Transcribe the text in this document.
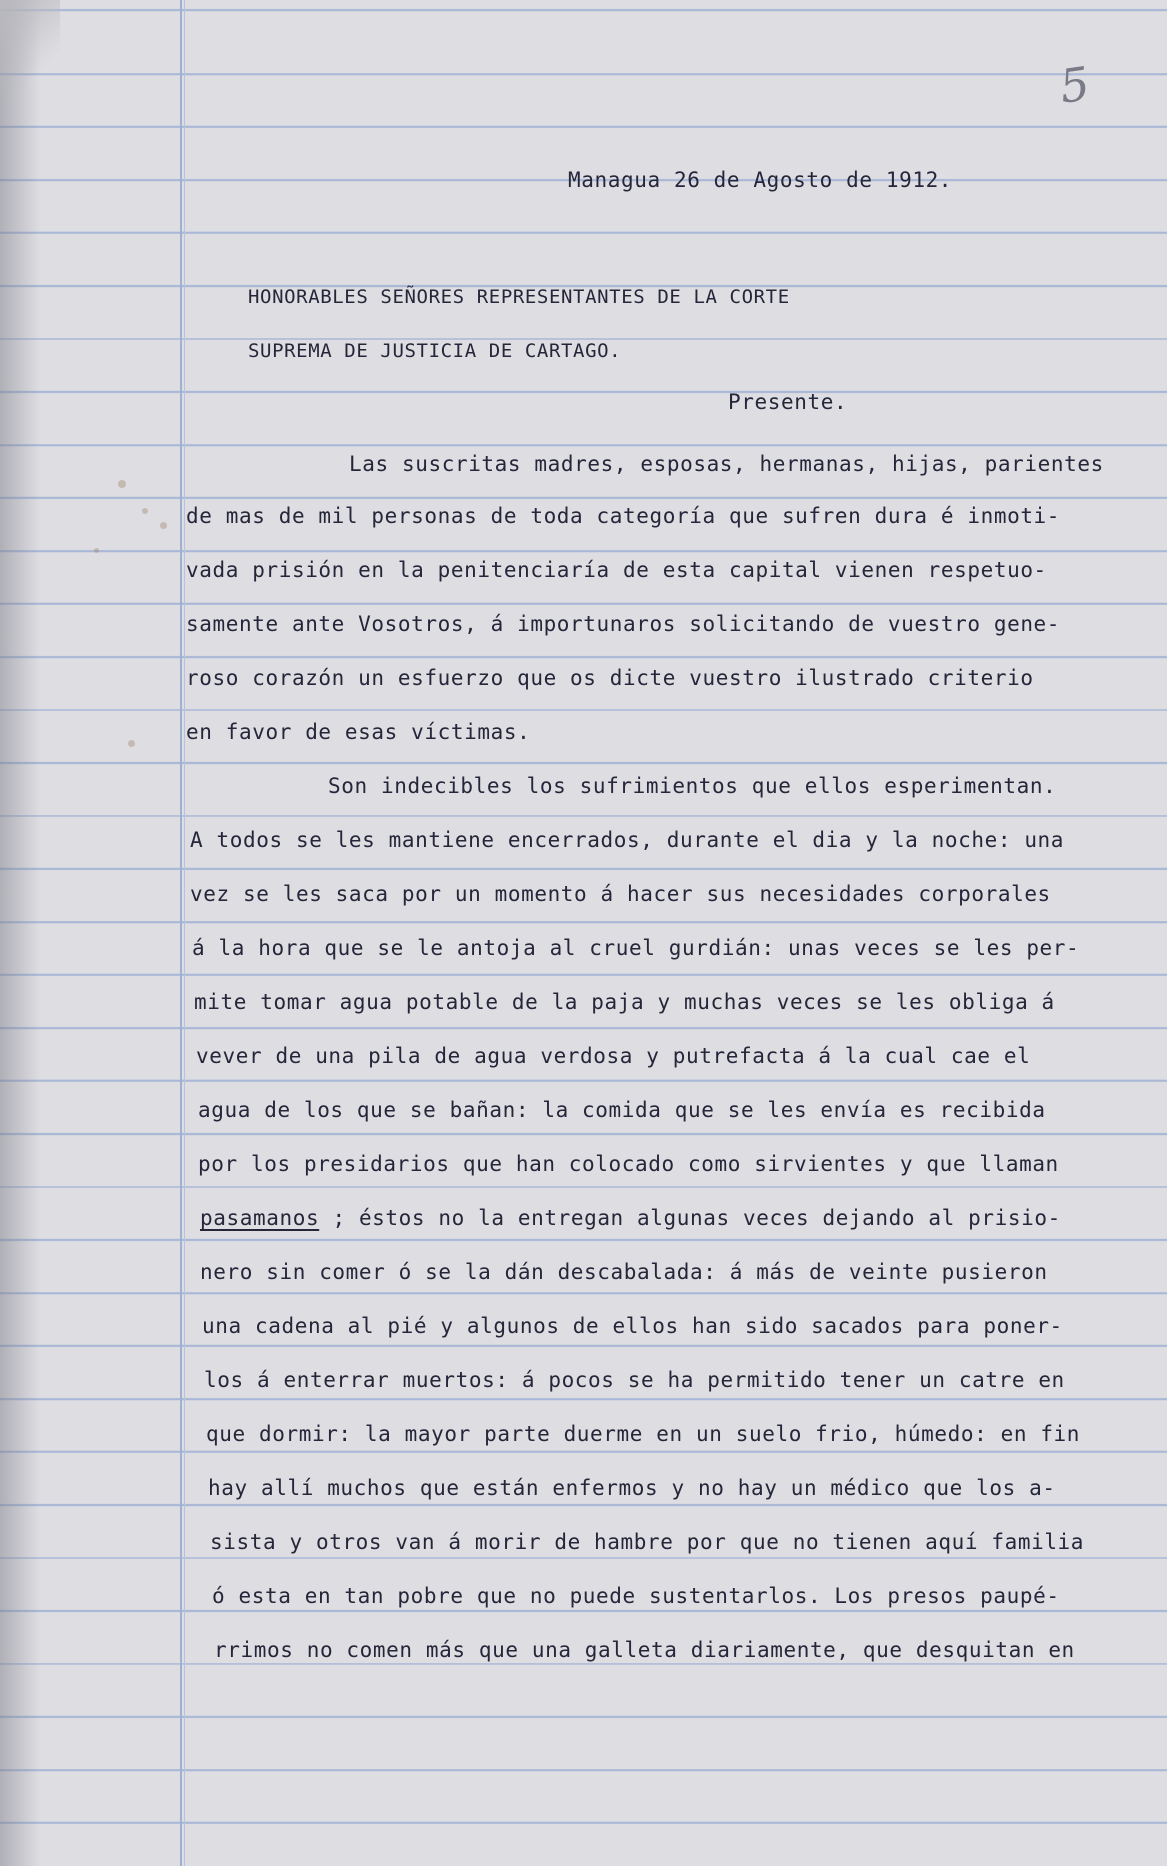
5
Managua 26 de Agosto de 1912.
HONORABLES SEÑORES REPRESENTANTES DE LA CORTE
SUPREMA DE JUSTICIA DE CARTAGO.
Presente.
Las suscritas madres, esposas, hermanas, hijas, parientes
de mas de mil personas de toda categoría que sufren dura é inmoti-
vada prisión en la penitenciaría de esta capital vienen respetuo-
samente ante Vosotros, á importunaros solicitando de vuestro gene-
roso corazón un esfuerzo que os dicte vuestro ilustrado criterio
en favor de esas víctimas.
Son indecibles los sufrimientos que ellos esperimentan.
A todos se les mantiene encerrados, durante el dia y la noche: una
vez se les saca por un momento á hacer sus necesidades corporales
á la hora que se le antoja al cruel gurdián: unas veces se les per-
mite tomar agua potable de la paja y muchas veces se les obliga á
vever de una pila de agua verdosa y putrefacta á la cual cae el
agua de los que se bañan: la comida que se les envía es recibida
por los presidarios que han colocado como sirvientes y que llaman
pasamanos ; éstos no la entregan algunas veces dejando al prisio-
nero sin comer ó se la dán descabalada: á más de veinte pusieron
una cadena al pié y algunos de ellos han sido sacados para poner-
los á enterrar muertos: á pocos se ha permitido tener un catre en
que dormir: la mayor parte duerme en un suelo frio, húmedo: en fin
hay allí muchos que están enfermos y no hay un médico que los a-
sista y otros van á morir de hambre por que no tienen aquí familia
ó esta en tan pobre que no puede sustentarlos. Los presos paupé-
rrimos no comen más que una galleta diariamente, que desquitan en
